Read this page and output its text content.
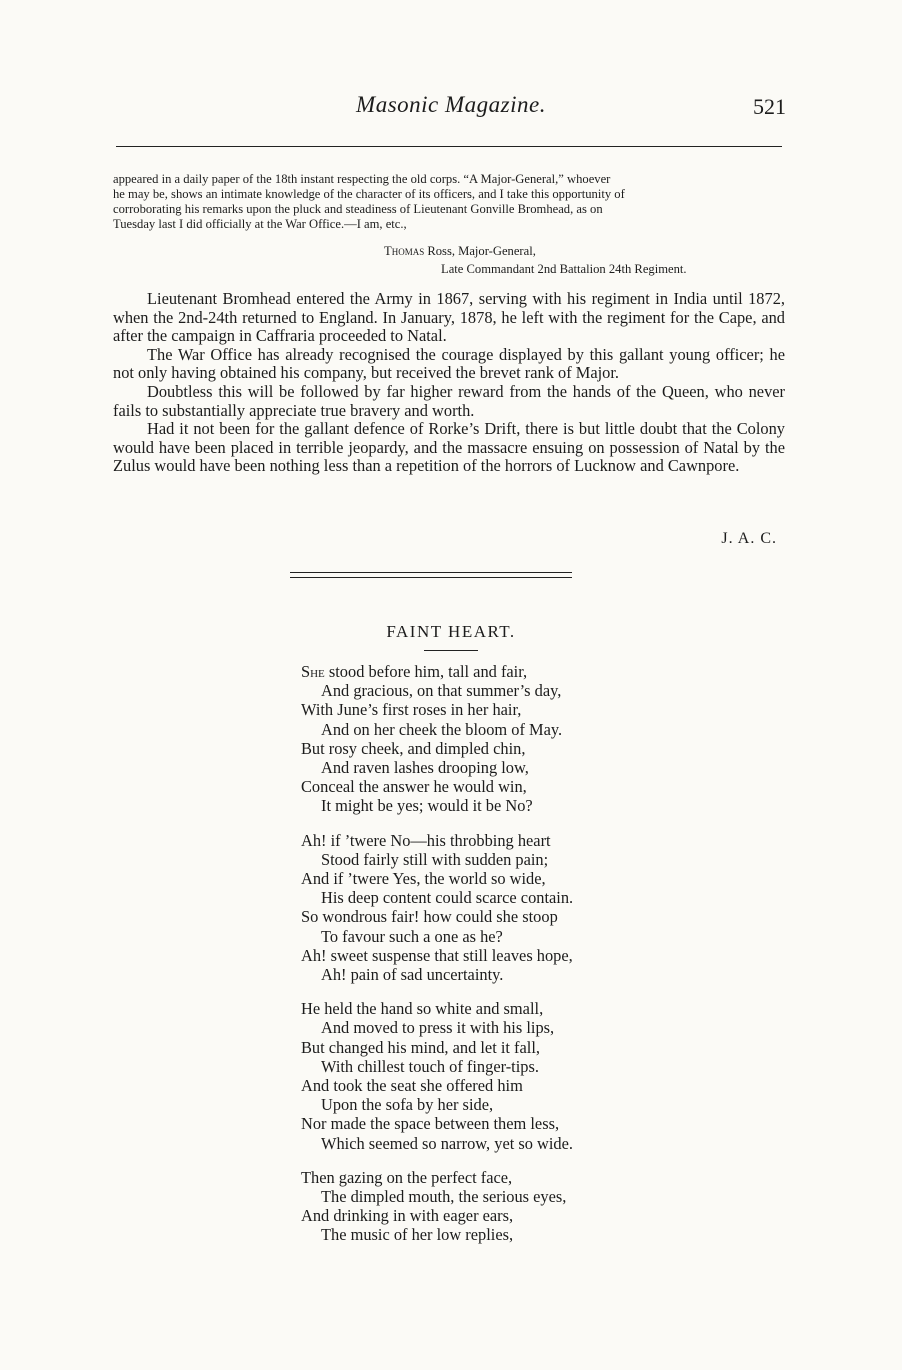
Masonic Magazine.	521

appeared in a daily paper of the 18th instant respecting the old corps. “A Major-General,” whoever

he may be, shows an intimate knowledge of the character of its officers, and I take this opportunity of

corroborating his remarks upon the pluck and steadiness of Lieutenant Gonville Bromhead, as on

Tuesday last I did officially at the War Office.—I am, etc.,

Thomas Ross, Major-General,
Late Commandant 2nd Battalion 24th Regiment.

Lieutenant Bromhead entered the Army in 1867, serving with his regiment in India until 1872, when the 2nd-24th returned to England. In January, 1878, he left with the regiment for the Cape, and after the campaign in Caffraria proceeded to Natal.

The War Office has already recognised the courage displayed by this gallant young officer; he not only having obtained his company, but received the brevet rank of Major.

Doubtless this will be followed by far higher reward from the hands of the Queen, who never fails to substantially appreciate true bravery and worth.

Had it not been for the gallant defence of Rorke’s Drift, there is but little doubt that the Colony would have been placed in terrible jeopardy, and the massacre ensuing on possession of Natal by the Zulus would have been nothing less than a repetition of the horrors of Lucknow and Cawnpore.

J. A. C.
FAINT HEART.
She stood before him, tall and fair,
And gracious, on that summer’s day,
With June’s first roses in her hair,
And on her cheek the bloom of May.
But rosy cheek, and dimpled chin,
And raven lashes drooping low,
Conceal the answer he would win,
It might be yes; would it be No?
Ah! if ’twere No—his throbbing heart
Stood fairly still with sudden pain;
And if ’twere Yes, the world so wide,
His deep content could scarce contain.
So wondrous fair! how could she stoop
To favour such a one as he?
Ah! sweet suspense that still leaves hope,
Ah! pain of sad uncertainty.
He held the hand so white and small,
And moved to press it with his lips,
But changed his mind, and let it fall,
With chillest touch of finger-tips.
And took the seat she offered him
Upon the sofa by her side,
Nor made the space between them less,
Which seemed so narrow, yet so wide.
Then gazing on the perfect face,
The dimpled mouth, the serious eyes,
And drinking in with eager ears,
The music of her low replies,
